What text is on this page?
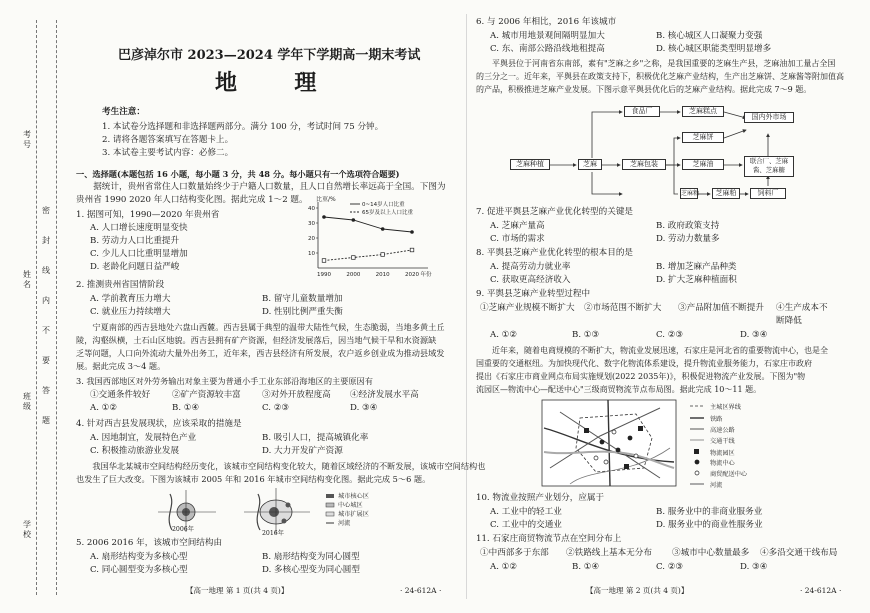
考号
姓名
班级
学校
密
封
线
内
不
要
答
题
巴彦淖尔市 2023—2024 学年下学期高一期末考试
地  理
考生注意：
1. 本试卷分选择题和非选择题两部分。满分 100 分，考试时间 75 分钟。
2. 请将各题答案填写在答题卡上。
3. 本试卷主要考试内容：必修二。
一、选择题(本题包括 16 小题，每小题 3 分，共 48 分。每小题只有一个选项符合题要)
　　据统计，贵州省常住人口数量始终少于户籍人口数量，且人口自然增长率远高于全国。下图为
贵州省 1990 2020 年人口结构变化图。据此完成 1～2 题。
1. 据图可知，1990—2020 年贵州省
A. 人口增长速度明显变快
B. 劳动力人口比重提升
C. 少儿人口比重明显增加
D. 老龄化问题日益严峻
比重/%
40
30
20
10
1990	2000	2010	2020 年份
0~14岁人口比重
65岁及以上人口比重
2. 推测贵州省国情阶段
A. 学前教育压力增大	B. 留守儿童数量增加
C. 就业压力持续增大	D. 性别比例严重失衡
　　宁夏南部的西吉县地处六盘山西麓。西吉县属于典型的温带大陆性气候，生态脆弱，当地多黄土丘
陵，沟壑纵横，土石山区地貌。西吉县拥有矿产资源，但经济发展落后，因当地气候干旱和水资源缺
乏等问题，人口向外流动大量外出务工，近年来，西吉县经济有所发展，农户返乡创业成为推动县域发
展。据此完成 3～4 题。
3. 我国西部地区对外劳务输出对象主要为普通小手工业东部沿海地区的主要原因有
①交通条件较好	②矿产资源较丰富 ③对外开放程度高 ④经济发展水平高
A. ①②	B. ①④	C. ②③	D. ③④
4. 针对西吉县发展现状，应该采取的措施是
A. 因地制宜，发展特色产业	B. 吸引人口，提高城镇化率
C. 积极推动旅游业发展	D. 大力开发矿产资源
　　我国华北某城市空间结构经历变化，该城市空间结构变化较大，随着区域经济的不断发展，该城市空间结构也
也发生了巨大改变。下图为该城市 2005 年和 2016 年城市空间结构变化图。据此完成 5～6 题。
2006年
2016年
城市核心区
中心城区
城市扩展区
河流
5. 2006 2016 年，该城市空间结构由
A. 扇形结构变为多核心型	B. 扇形结构变为同心圆型
C. 同心圆型变为多核心型	D. 多核心型变为同心圆型
【高一地理 第 1 页(共 4 页)】	· 24-612A ·
6. 与 2006 年相比，2016 年该城市
A. 城市用地景观间隔明显加大	B. 核心城区人口凝聚力变强
C. 东、南部公路沿线地租提高	D. 核心城区职能类型明显增多
　　平舆县位于河南省东南部，素有"芝麻之乡"之称，是我国重要的芝麻生产县，芝麻油加工量占全国
的三分之一。近年来，平舆县在政策支持下，积极优化芝麻产业结构，生产出芝麻饼、芝麻酱等附加值高
的产品，积极推进芝麻产业发展。下图示意平舆县优化后的芝麻产业结构。据此完成 7～9 题。
芝麻种植	芝麻
食品厂
芝麻包装
芝麻糕点
芝麻饼
芝麻油
国内外市场
联合厂、芝麻酱、芝麻糖
芝麻粕	饲料厂
芝麻粕
7. 促进平舆县芝麻产业优化转型的关键是
A. 芝麻产量高	B. 政府政策支持
C. 市场的需求	D. 劳动力数量多
8. 平舆县芝麻产业优化转型的根本目的是
A. 提高劳动力就业率	B. 增加芝麻产品种类
C. 获取更高经济收入	D. 扩大芝麻种植面积
9. 平舆县芝麻产业转型过程中
①芝麻产业规模不断扩大 ②市场范围不断扩大 ③产品附加值不断提升 ④生产成本不断降低
A. ①②	B. ①③	C. ②③	D. ③④
　　近年来，随着电商规模的不断扩大，物流业发展迅速，石家庄是河北省的重要物流中心，也是全
国重要的交通枢纽。为加快现代化、数字化物流体系建设，提升物流业服务能力，石家庄市政府
提出《石家庄市商业网点布局实施规划(2022 2035年)》，积极促进物流产业发展。下图为"物
流园区—物流中心—配送中心"三级商贸物流节点布局图。据此完成 10～11 题。
主城区界线
铁路
高速公路
交通干线
物流园区
物流中心
商贸配送中心
河流
10. 物流业按照产业划分，应属于
A. 工业中的轻工业	B. 服务业中的非商业服务业
C. 工业中的交通业	D. 服务业中的商业性服务业
11. 石家庄商贸物流节点在空间分布上
①中西部多于东部 ②铁路线上基本无分布 ③城市中心数量最多 ④多沿交通干线布局
A. ①②	B. ①④	C. ②③	D. ③④
【高一地理 第 2 页(共 4 页)】	· 24-612A ·
